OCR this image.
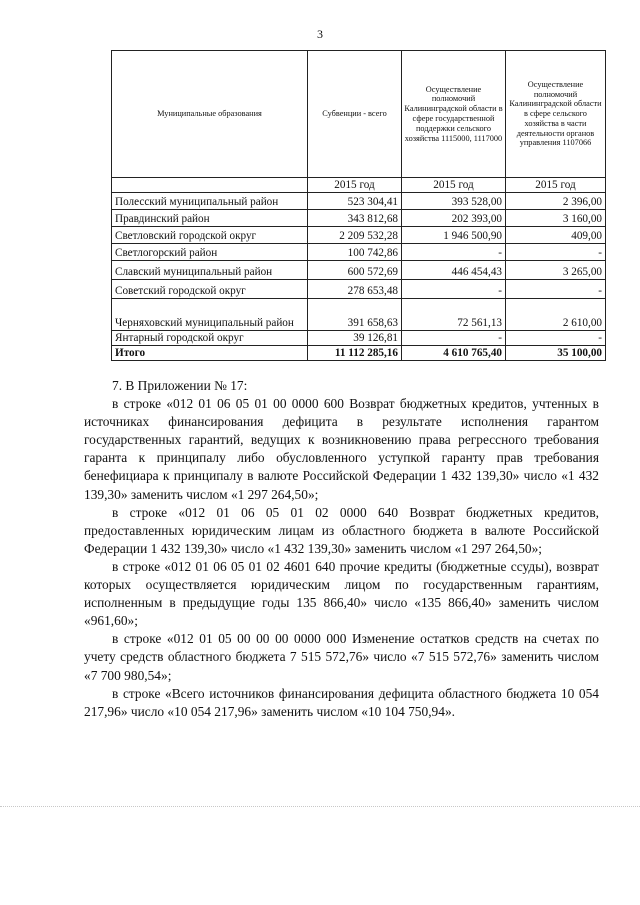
3
Муниципальные образования	Субвенции - всего	Осуществление полномочий Калининградской области в сфере государственной поддержки сельского хозяйства 1115000, 1117000	Осуществление полномочий Калининградской области в сфере сельского хозяйства в части деятельности органов управления 1107066
	2015 год	2015 год	2015 год
Полесский муниципальный район	523 304,41	393 528,00	2 396,00
Правдинский район	343 812,68	202 393,00	3 160,00
Светловский городской округ	2 209 532,28	1 946 500,90	409,00
Светлогорский район	100 742,86	-	-
Славский муниципальный район	600 572,69	446 454,43	3 265,00
Советский городской округ	278 653,48	-	-
Черняховский муниципальный район	391 658,63	72 561,13	2 610,00
Янтарный городской округ	39 126,81	-	-
Итого	11 112 285,16	4 610 765,40	35 100,00

7. В Приложении № 17:

в строке «012 01 06 05 01 00 0000 600 Возврат бюджетных кредитов, учтенных в источниках финансирования дефицита в результате исполнения гарантом государственных гарантий, ведущих к возникновению права регрессного требования гаранта к принципалу либо обусловленного уступкой гаранту прав требования бенефициара к принципалу в валюте Российской Федерации 1 432 139,30» число «1 432 139,30» заменить числом «1 297 264,50»;

в строке «012 01 06 05 01 02 0000 640 Возврат бюджетных кредитов, предоставленных юридическим лицам из областного бюджета в валюте Российской Федерации 1 432 139,30» число «1 432 139,30» заменить числом «1 297 264,50»;

в строке «012 01 06 05 01 02 4601 640 прочие кредиты (бюджетные ссуды), возврат которых осуществляется юридическим лицом по государственным гарантиям, исполненным в предыдущие годы 135 866,40» число «135 866,40» заменить числом «961,60»;

в строке «012 01 05 00 00 00 0000 000 Изменение остатков средств на счетах по учету средств областного бюджета 7 515 572,76» число «7 515 572,76» заменить числом «7 700 980,54»;

в строке «Всего источников финансирования дефицита областного бюджета 10 054 217,96» число «10 054 217,96» заменить числом «10 104 750,94».
